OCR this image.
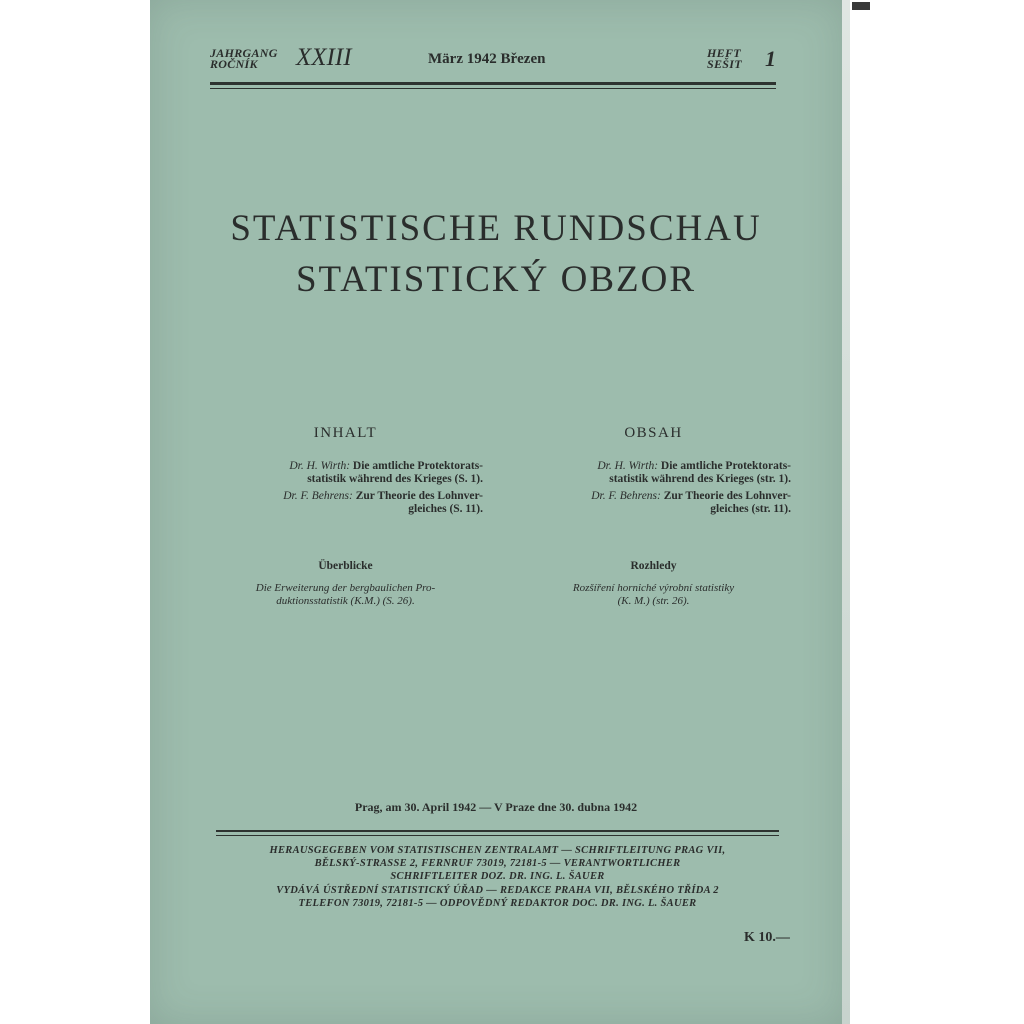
JAHRGANG
ROČNÍK	XXIII	März 1942 Březen	HEFT
SEŠIT 1
STATISTISCHE RUNDSCHAU
STATISTICKÝ OBZOR
INHALT
Dr. H. Wirth: Die amtliche Protektorats-
statistik während des Krieges (S. 1).
Dr. F. Behrens: Zur Theorie des Lohnver-
gleiches (S. 11).
Überblicke
Die Erweiterung der bergbaulichen Pro-
duktionsstatistik (K.M.) (S. 26).
OBSAH
Dr. H. Wirth: Die amtliche Protektorats-
statistik während des Krieges (str. 1).
Dr. F. Behrens: Zur Theorie des Lohnver-
gleiches (str. 11).
Rozhledy
Rozšíření horniché výrobní statistiky
(K. M.) (str. 26).
Prag, am 30. April 1942 — V Praze dne 30. dubna 1942
HERAUSGEGEBEN VOM STATISTISCHEN ZENTRALAMT — SCHRIFTLEITUNG PRAG VII,
BĚLSKÝ-STRASSE 2, FERNRUF 73019, 72181-5 — VERANTWORTLICHER
SCHRIFTLEITER DOZ. DR. ING. L. ŠAUER
VYDÁVÁ ÚSTŘEDNÍ STATISTICKÝ ÚŘAD — REDAKCE PRAHA VII, BĚLSKÉHO TŘÍDA 2
TELEFON 73019, 72181-5 — ODPOVĚDNÝ REDAKTOR DOC. DR. ING. L. ŠAUER
K 10.—
